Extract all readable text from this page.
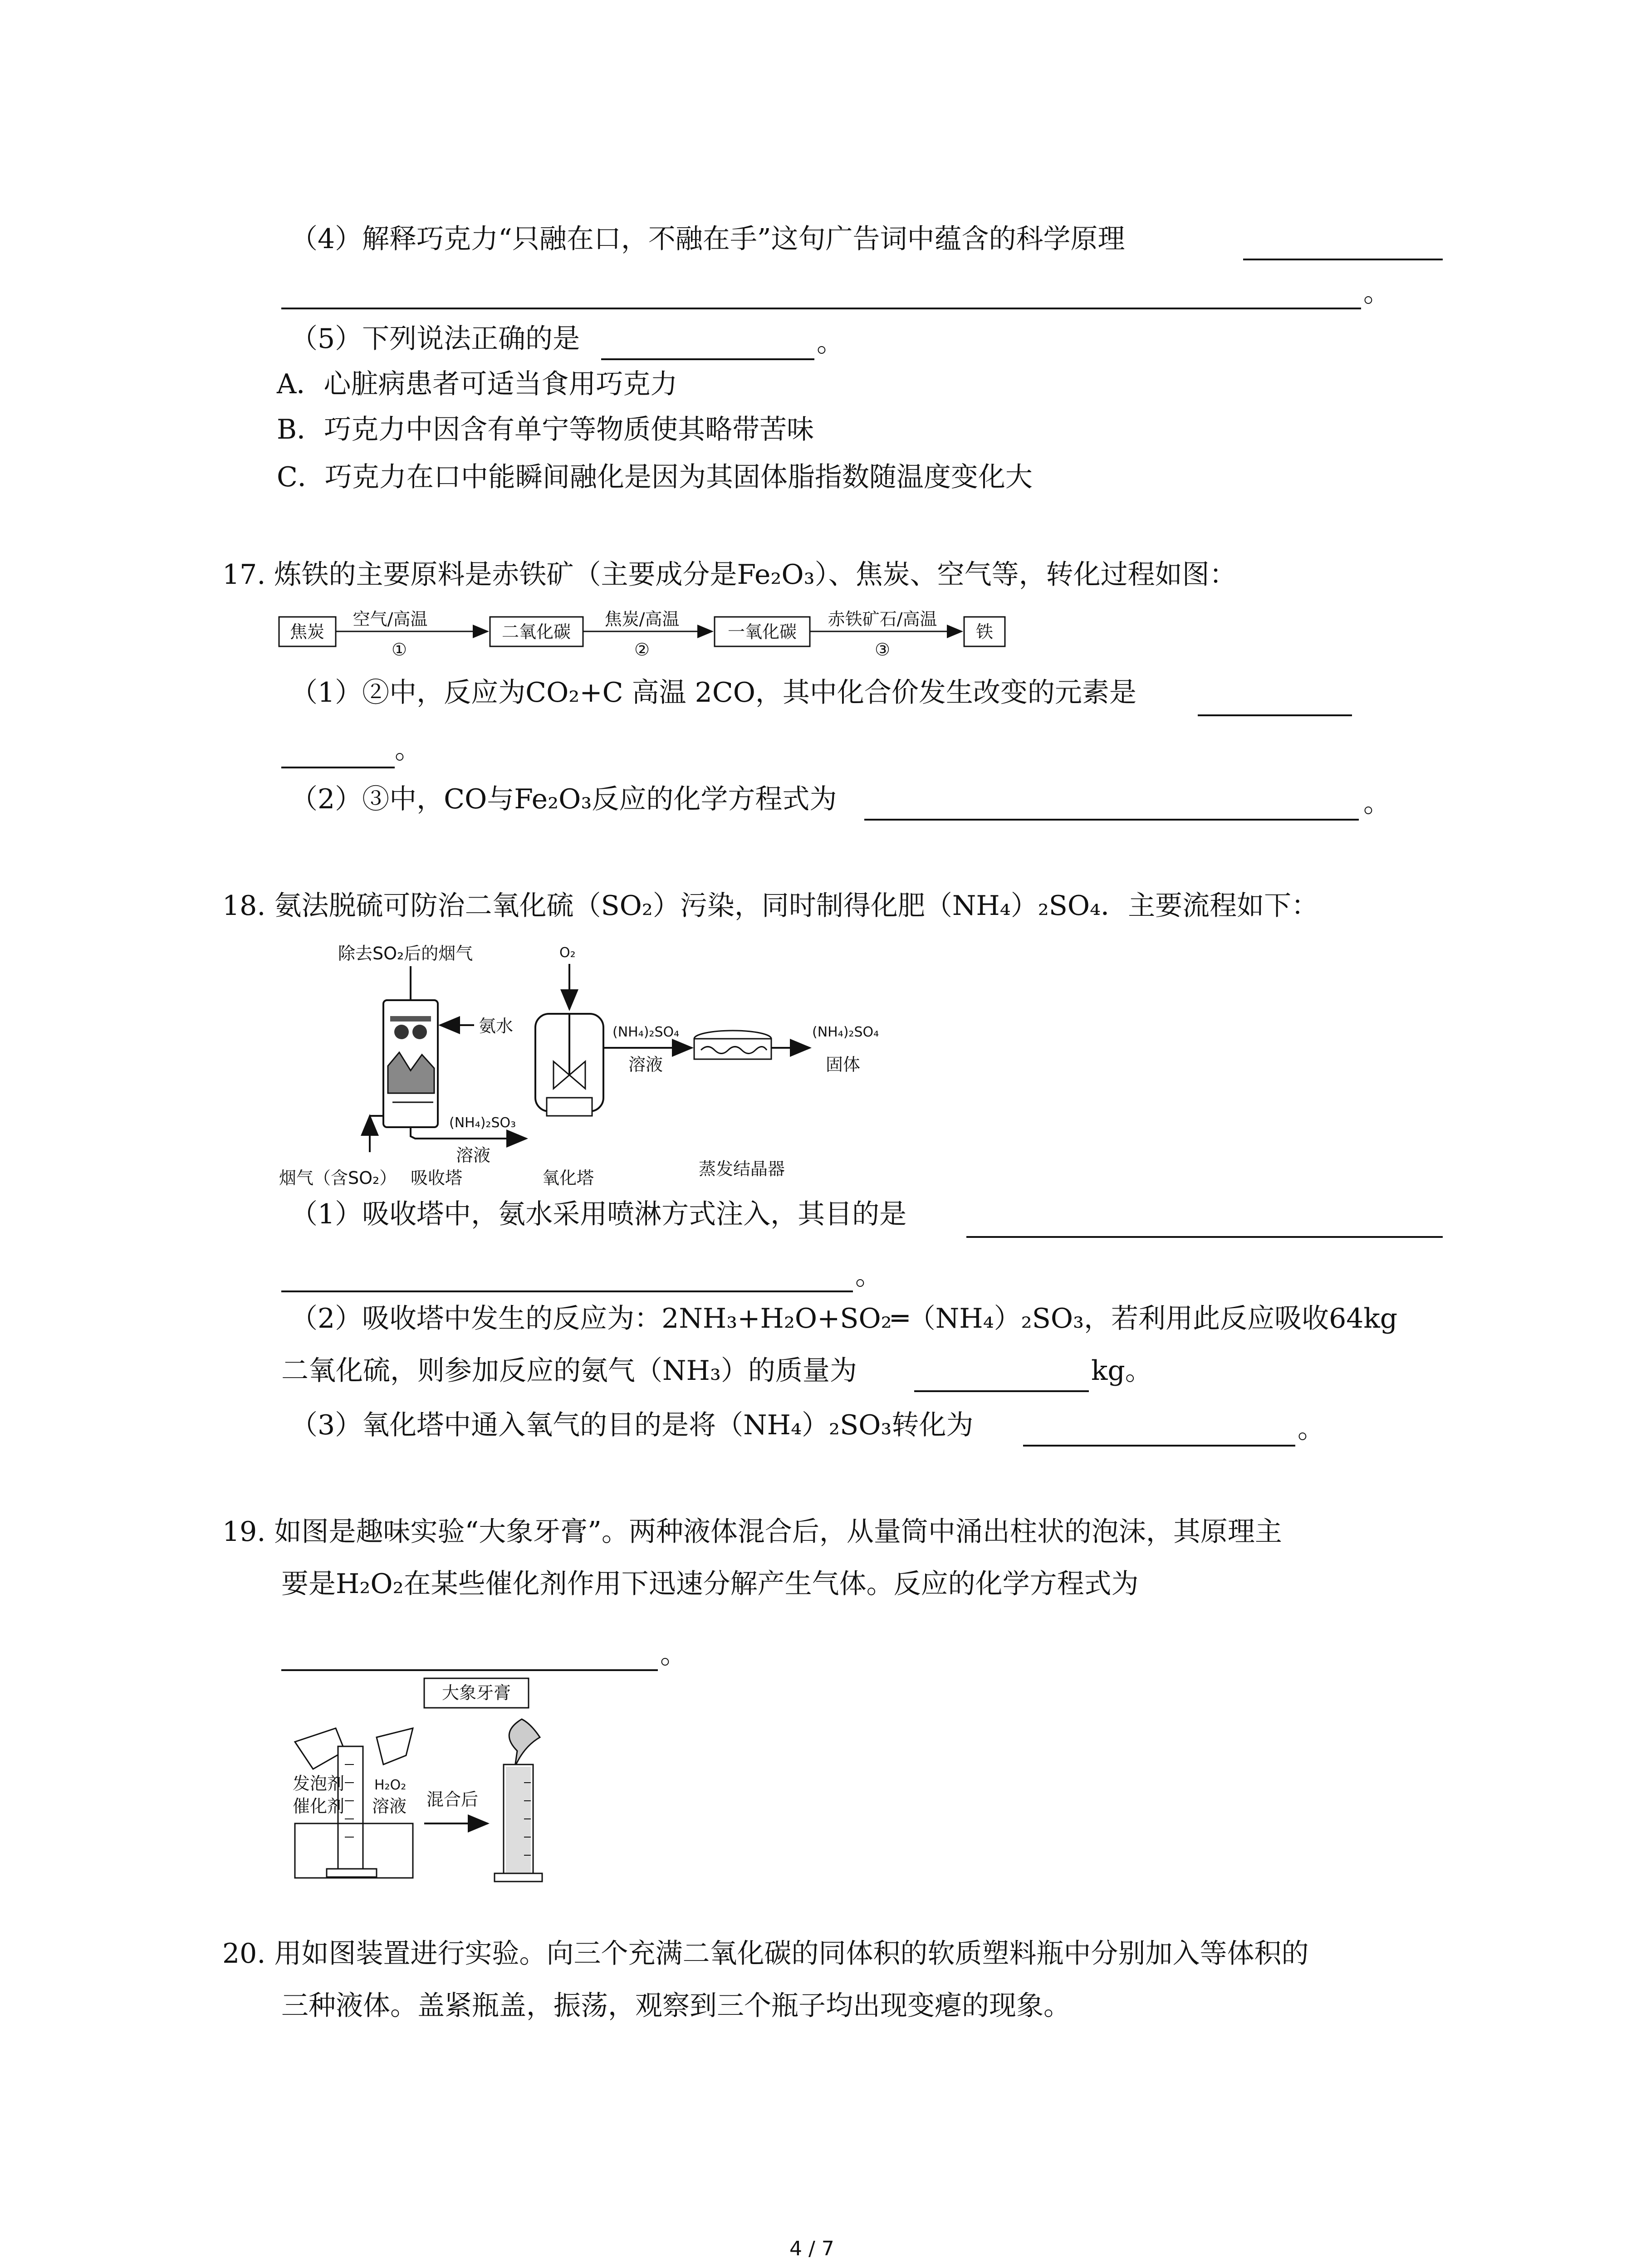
（4）解释巧克力“只融在口，不融在手”这句广告词中蕴含的科学原理
。
（5）下列说法正确的是	。
A．心脏病患者可适当食用巧克力
B．巧克力中因含有单宁等物质使其略带苦味
C．巧克力在口中能瞬间融化是因为其固体脂指数随温度变化大
17. 炼铁的主要原料是赤铁矿（主要成分是Fe₂O₃）、焦炭、空气等，转化过程如图：
焦炭
空气/高温
①
二氧化碳
焦炭/高温
②
一氧化碳
赤铁矿石/高温
③
铁
（1）②中，反应为CO₂+C 高温 2CO，其中化合价发生改变的元素是
。
（2）③中，CO与Fe₂O₃反应的化学方程式为	。
18. 氨法脱硫可防治二氧化硫（SO₂）污染，同时制得化肥（NH₄）₂SO₄．主要流程如下：
除去SO₂后的烟气
氨水
(NH₄)₂SO₃
溶液
O₂
(NH₄)₂SO₄
溶液
(NH₄)₂SO₄
固体
烟气（含SO₂） 吸收塔	氧化塔	蒸发结晶器
（1）吸收塔中，氨水采用喷淋方式注入，其目的是
。
（2）吸收塔中发生的反应为：2NH₃+H₂O+SO₂═（NH₄）₂SO₃，若利用此反应吸收64kg
二氧化硫，则参加反应的氨气（NH₃）的质量为	kg。
（3）氧化塔中通入氧气的目的是将（NH₄）₂SO₃转化为	。
19. 如图是趣味实验“大象牙膏”。两种液体混合后，从量筒中涌出柱状的泡沫，其原理主
要是H₂O₂在某些催化剂作用下迅速分解产生气体。反应的化学方程式为
。
大象牙膏
发泡剂
催化剂
H₂O₂
溶液 混合后
20. 用如图装置进行实验。向三个充满二氧化碳的同体积的软质塑料瓶中分别加入等体积的
三种液体。盖紧瓶盖，振荡，观察到三个瓶子均出现变瘪的现象。
4 / 7
